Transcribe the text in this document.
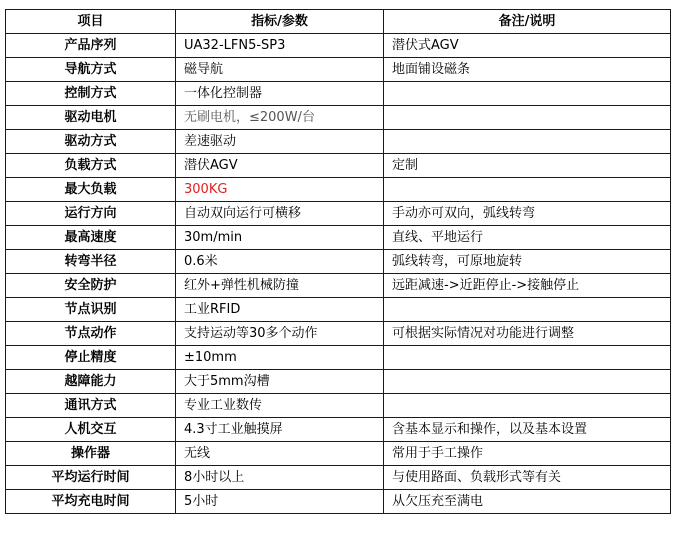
项目	指标/参数	备注/说明
产品序列	UA32-LFN5-SP3	潜伏式AGV
导航方式	磁导航	地面铺设磁条
控制方式	一体化控制器	
驱动电机	无刷电机，≤200W/台	
驱动方式	差速驱动	
负载方式	潜伏AGV	定制
最大负载	300KG	
运行方向	自动双向运行可横移	手动亦可双向，弧线转弯
最高速度	30m/min	直线、平地运行
转弯半径	0.6米	弧线转弯，可原地旋转
安全防护	红外+弹性机械防撞	远距减速->近距停止->接触停止
节点识别	工业RFID	
节点动作	支持运动等30多个动作	可根据实际情况对功能进行调整
停止精度	±10mm	
越障能力	大于5mm沟槽	
通讯方式	专业工业数传	
人机交互	4.3寸工业触摸屏	含基本显示和操作，以及基本设置
操作器	无线	常用于手工操作
平均运行时间	8小时以上	与使用路面、负载形式等有关
平均充电时间	5小时	从欠压充至满电
